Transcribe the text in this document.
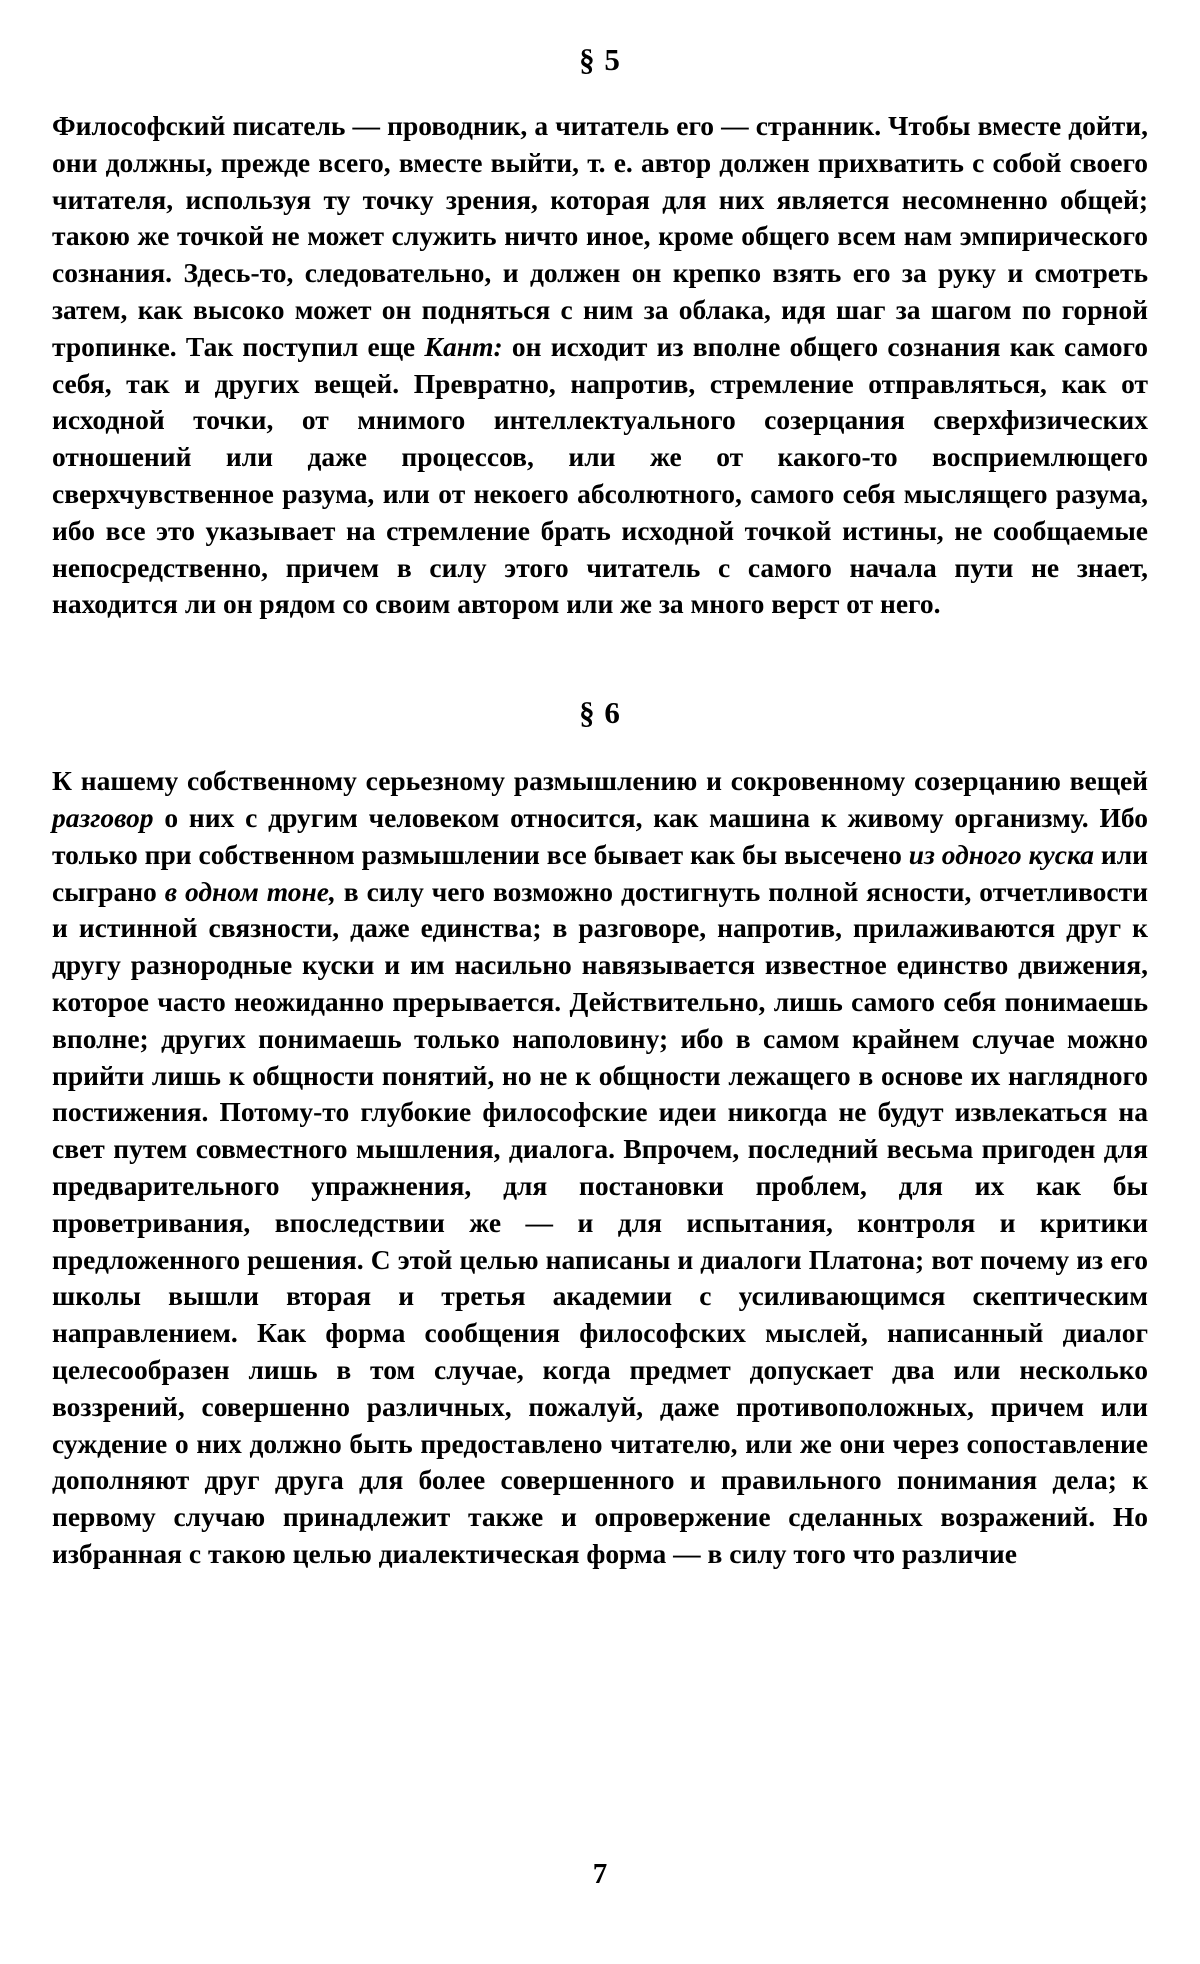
§ 5

Философский писатель — проводник, а читатель его — странник. Чтобы вместе дойти, они должны, прежде всего, вместе выйти, т. е. автор должен прихватить с собой своего читателя, используя ту точку зрения, которая для них является несомненно общей; такою же точкой не может служить ничто иное, кроме общего всем нам эмпирического сознания. Здесь-то, следовательно, и должен он крепко взять его за руку и смотреть затем, как высоко может он подняться с ним за облака, идя шаг за шагом по горной тропинке. Так поступил еще Кант: он исходит из вполне общего сознания как самого себя, так и других вещей. Превратно, напротив, стремление отправляться, как от исходной точки, от мнимого интеллектуального созерцания сверхфизических отношений или даже процессов, или же от какого-то восприемлющего сверхчувственное разума, или от некоего абсолютного, самого себя мыслящего разума, ибо все это указывает на стремление брать исходной точкой истины, не сообщаемые непосредственно, причем в силу этого читатель с самого начала пути не знает, находится ли он рядом со своим автором или же за много верст от него.

§ 6

К нашему собственному серьезному размышлению и сокровенному созерцанию вещей разговор о них с другим человеком относится, как машина к живому организму. Ибо только при собственном размышлении все бывает как бы высечено из одного куска или сыграно в одном тоне, в силу чего возможно достигнуть полной ясности, отчетливости и истинной связности, даже единства; в разговоре, напротив, прилаживаются друг к другу разнородные куски и им насильно навязывается известное единство движения, которое часто неожиданно прерывается. Действительно, лишь самого себя понимаешь вполне; других понимаешь только наполовину; ибо в самом крайнем случае можно прийти лишь к общности понятий, но не к общности лежащего в основе их наглядного постижения. Потому-то глубокие философские идеи никогда не будут извлекаться на свет путем совместного мышления, диалога. Впрочем, последний весьма пригоден для предварительного упражнения, для постановки проблем, для их как бы проветривания, впоследствии же — и для испытания, контроля и критики предложенного решения. С этой целью написаны и диалоги Платона; вот почему из его школы вышли вторая и третья академии с усиливающимся скептическим направлением. Как форма сообщения философских мыслей, написанный диалог целесообразен лишь в том случае, когда предмет допускает два или несколько воззрений, совершенно различных, пожалуй, даже противоположных, причем или суждение о них должно быть предоставлено читателю, или же они через сопоставление дополняют друг друга для более совершенного и правильного понимания дела; к первому случаю принадлежит также и опровержение сделанных возражений. Но избранная с такою целью диалектическая форма — в силу того что различие

7
